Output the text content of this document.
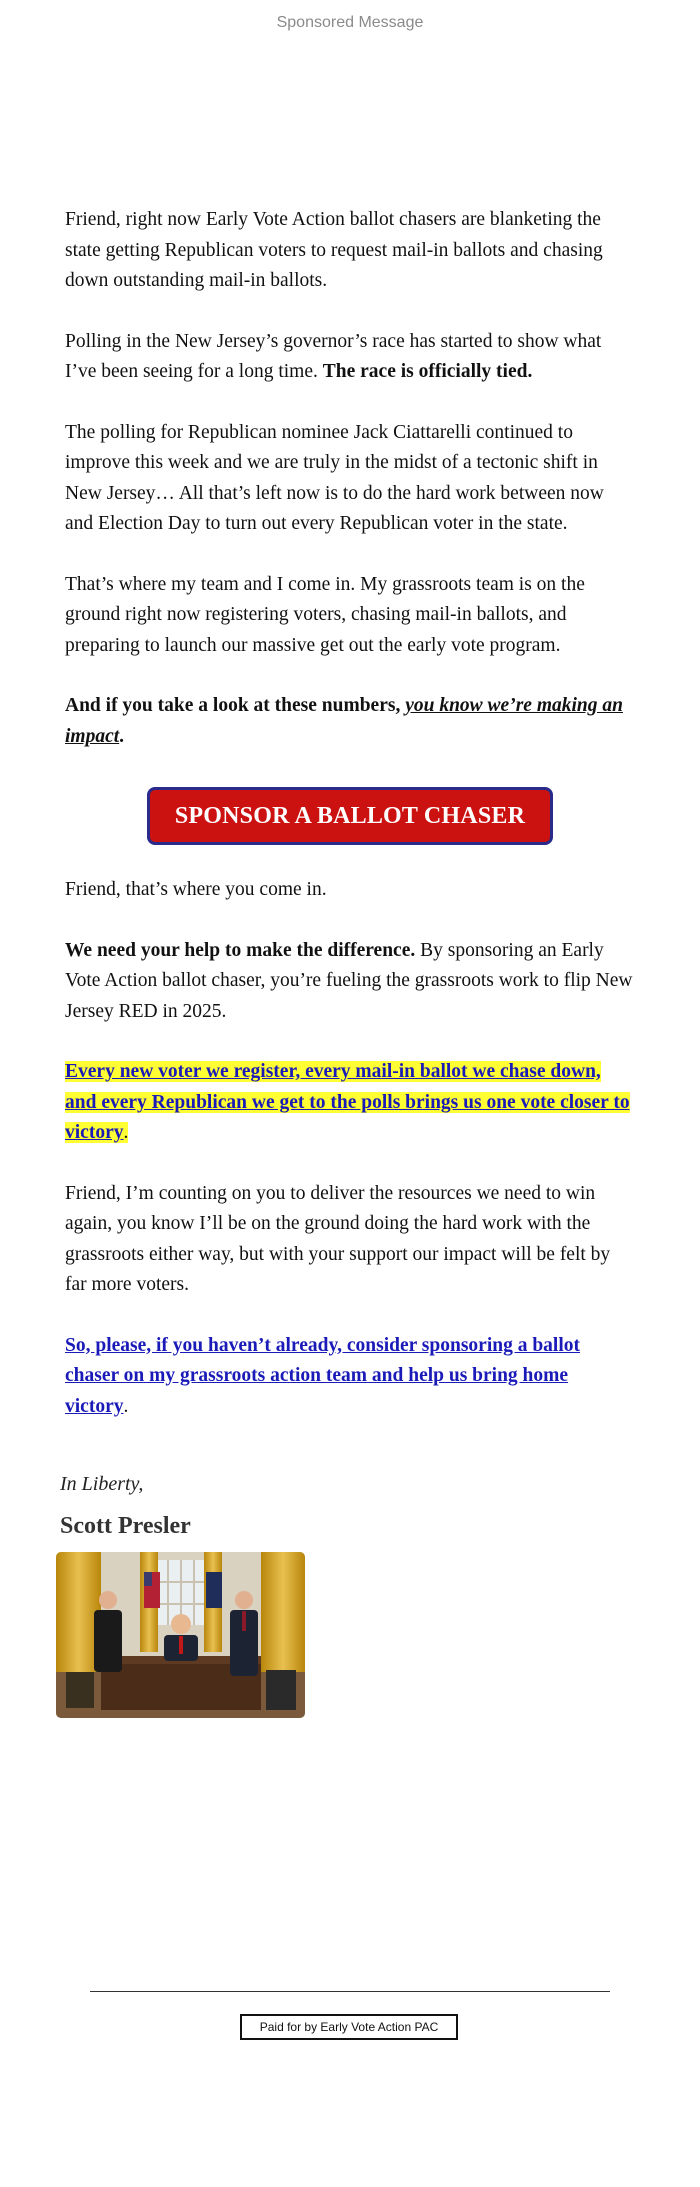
Sponsored Message

Friend, right now Early Vote Action ballot chasers are blanketing the state getting Republican voters to request mail-in ballots and chasing down outstanding mail-in ballots.

Polling in the New Jersey’s governor’s race has started to show what I’ve been seeing for a long time. The race is officially tied.

The polling for Republican nominee Jack Ciattarelli continued to improve this week and we are truly in the midst of a tectonic shift in New Jersey… All that’s left now is to do the hard work between now and Election Day to turn out every Republican voter in the state.

That’s where my team and I come in. My grassroots team is on the ground right now registering voters, chasing mail-in ballots, and preparing to launch our massive get out the early vote program.

And if you take a look at these numbers, you know we’re making an impact.

SPONSOR A BALLOT CHASER

Friend, that’s where you come in.

We need your help to make the difference. By sponsoring an Early Vote Action ballot chaser, you’re fueling the grassroots work to flip New Jersey RED in 2025.

Every new voter we register, every mail-in ballot we chase down, and every Republican we get to the polls brings us one vote closer to victory.

Friend, I’m counting on you to deliver the resources we need to win again, you know I’ll be on the ground doing the hard work with the grassroots either way, but with your support our impact will be felt by far more voters.

So, please, if you haven’t already, consider sponsoring a ballot chaser on my grassroots action team and help us bring home victory.

In Liberty,
Scott Presler
Paid for by Early Vote Action PAC
